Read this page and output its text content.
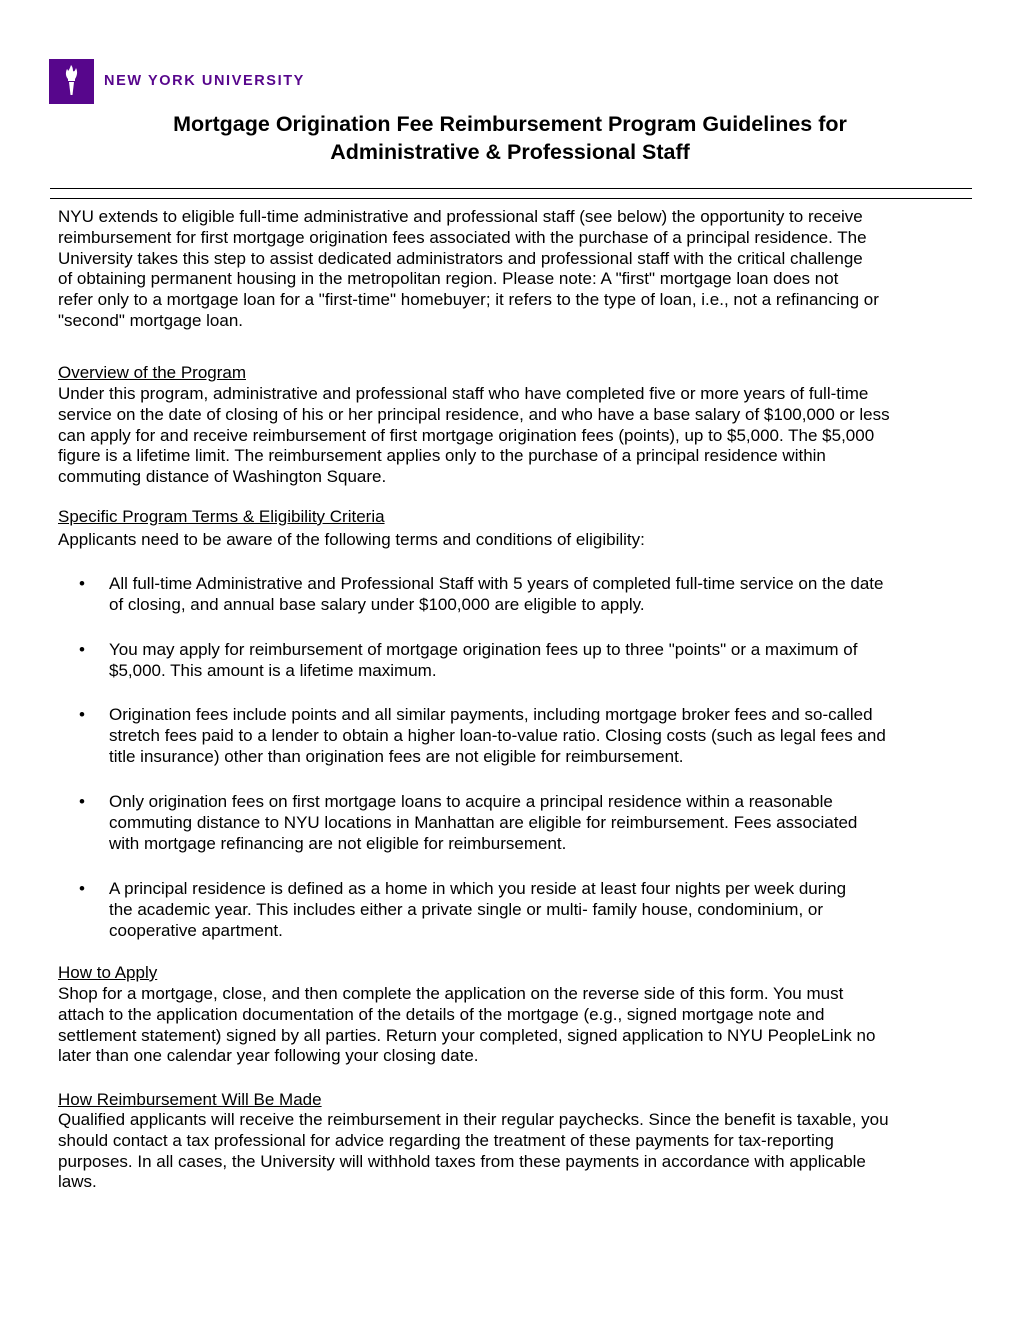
NEW YORK UNIVERSITY
Mortgage Origination Fee Reimbursement Program Guidelines for
Administrative & Professional Staff
NYU extends to eligible full-time administrative and professional staff (see below) the opportunity to receive
reimbursement for first mortgage origination fees associated with the purchase of a principal residence. The
University takes this step to assist dedicated administrators and professional staff with the critical challenge
of obtaining permanent housing in the metropolitan region. Please note: A "first" mortgage loan does not
refer only to a mortgage loan for a "first-time" homebuyer; it refers to the type of loan, i.e., not a refinancing or
"second" mortgage loan.
Overview of the Program
Under this program, administrative and professional staff who have completed five or more years of full-time
service on the date of closing of his or her principal residence, and who have a base salary of $100,000 or less
can apply for and receive reimbursement of first mortgage origination fees (points), up to $5,000. The $5,000
figure is a lifetime limit. The reimbursement applies only to the purchase of a principal residence within
commuting distance of Washington Square.
Specific Program Terms & Eligibility Criteria
Applicants need to be aware of the following terms and conditions of eligibility:
• All full-time Administrative and Professional Staff with 5 years of completed full-time service on the date
of closing, and annual base salary under $100,000 are eligible to apply.
• You may apply for reimbursement of mortgage origination fees up to three "points" or a maximum of
$5,000. This amount is a lifetime maximum.
• Origination fees include points and all similar payments, including mortgage broker fees and so-called
stretch fees paid to a lender to obtain a higher loan-to-value ratio. Closing costs (such as legal fees and
title insurance) other than origination fees are not eligible for reimbursement.
• Only origination fees on first mortgage loans to acquire a principal residence within a reasonable
commuting distance to NYU locations in Manhattan are eligible for reimbursement. Fees associated
with mortgage refinancing are not eligible for reimbursement.
• A principal residence is defined as a home in which you reside at least four nights per week during
the academic year. This includes either a private single or multi- family house, condominium, or
cooperative apartment.
How to Apply
Shop for a mortgage, close, and then complete the application on the reverse side of this form. You must
attach to the application documentation of the details of the mortgage (e.g., signed mortgage note and
settlement statement) signed by all parties. Return your completed, signed application to NYU PeopleLink no
later than one calendar year following your closing date.
How Reimbursement Will Be Made
Qualified applicants will receive the reimbursement in their regular paychecks. Since the benefit is taxable, you
should contact a tax professional for advice regarding the treatment of these payments for tax-reporting
purposes. In all cases, the University will withhold taxes from these payments in accordance with applicable
laws.
